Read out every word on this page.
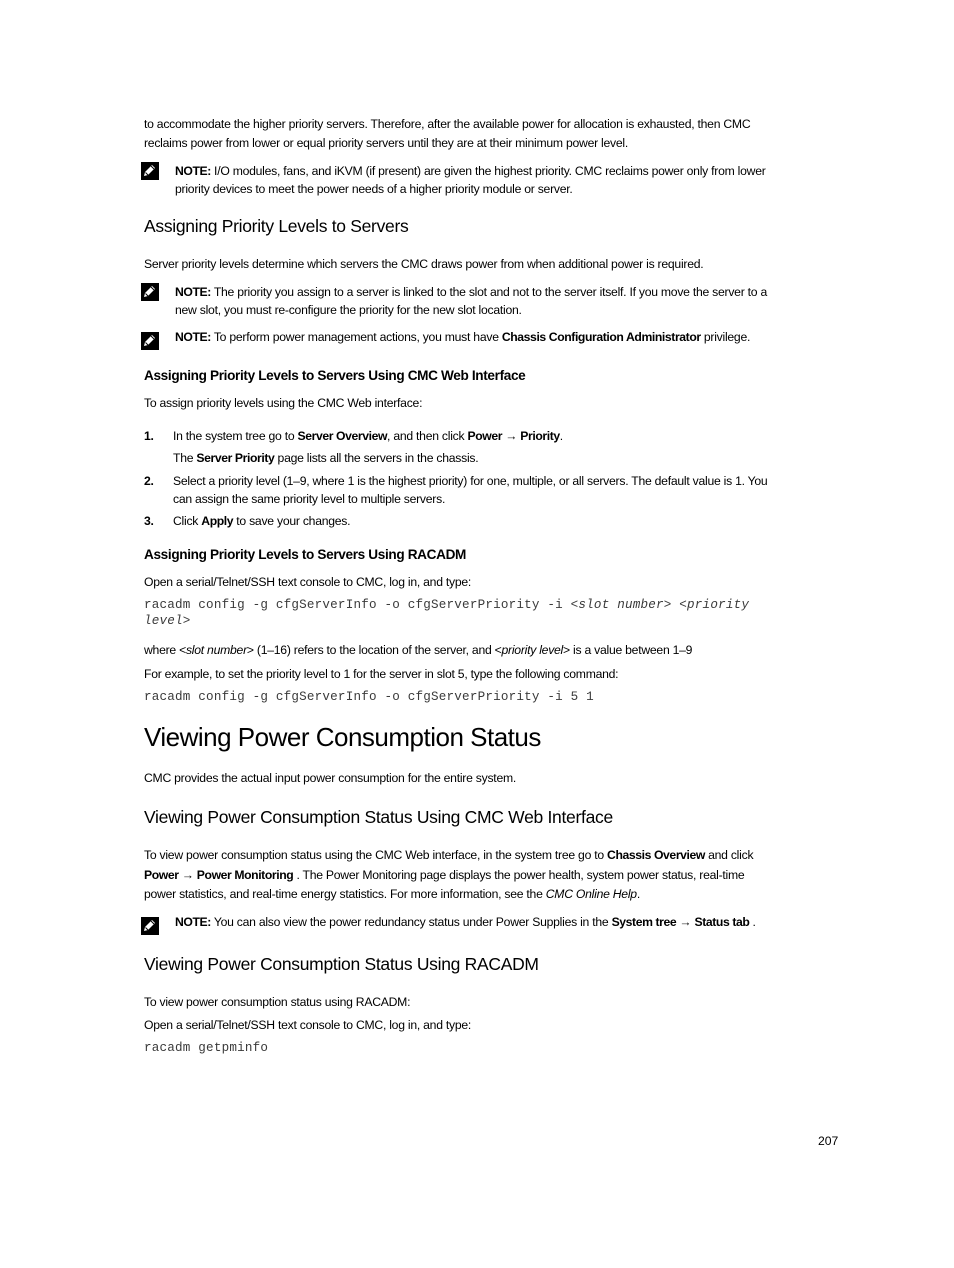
to accommodate the higher priority servers. Therefore, after the available power for allocation is exhausted, then CMC

reclaims power from lower or equal priority servers until they are at their minimum power level.

NOTE: I/O modules, fans, and iKVM (if present) are given the highest priority. CMC reclaims power only from lower

priority devices to meet the power needs of a higher priority module or server.

Assigning Priority Levels to Servers

Server priority levels determine which servers the CMC draws power from when additional power is required.

NOTE: The priority you assign to a server is linked to the slot and not to the server itself. If you move the server to a

new slot, you must re-configure the priority for the new slot location.

NOTE: To perform power management actions, you must have Chassis Configuration Administrator privilege.

Assigning Priority Levels to Servers Using CMC Web Interface

To assign priority levels using the CMC Web interface:

1. In the system tree go to Server Overview, and then click Power → Priority.
The Server Priority page lists all the servers in the chassis.
2. Select a priority level (1–9, where 1 is the highest priority) for one, multiple, or all servers. The default value is 1. You

can assign the same priority level to multiple servers.

3. Click Apply to save your changes.
Assigning Priority Levels to Servers Using RACADM

Open a serial/Telnet/SSH text console to CMC, log in, and type:

racadm config -g cfgServerInfo -o cfgServerPriority -i <slot number> <priority

level>

where <slot number> (1–16) refers to the location of the server, and <priority level> is a value between 1–9

For example, to set the priority level to 1 for the server in slot 5, type the following command:

racadm config -g cfgServerInfo -o cfgServerPriority -i 5 1

Viewing Power Consumption Status

CMC provides the actual input power consumption for the entire system.

Viewing Power Consumption Status Using CMC Web Interface

To view power consumption status using the CMC Web interface, in the system tree go to Chassis Overview and click

Power → Power Monitoring . The Power Monitoring page displays the power health, system power status, real-time

power statistics, and real-time energy statistics. For more information, see the CMC Online Help.

NOTE: You can also view the power redundancy status under Power Supplies in the System tree → Status tab .

Viewing Power Consumption Status Using RACADM

To view power consumption status using RACADM:

Open a serial/Telnet/SSH text console to CMC, log in, and type:

racadm getpminfo

207
